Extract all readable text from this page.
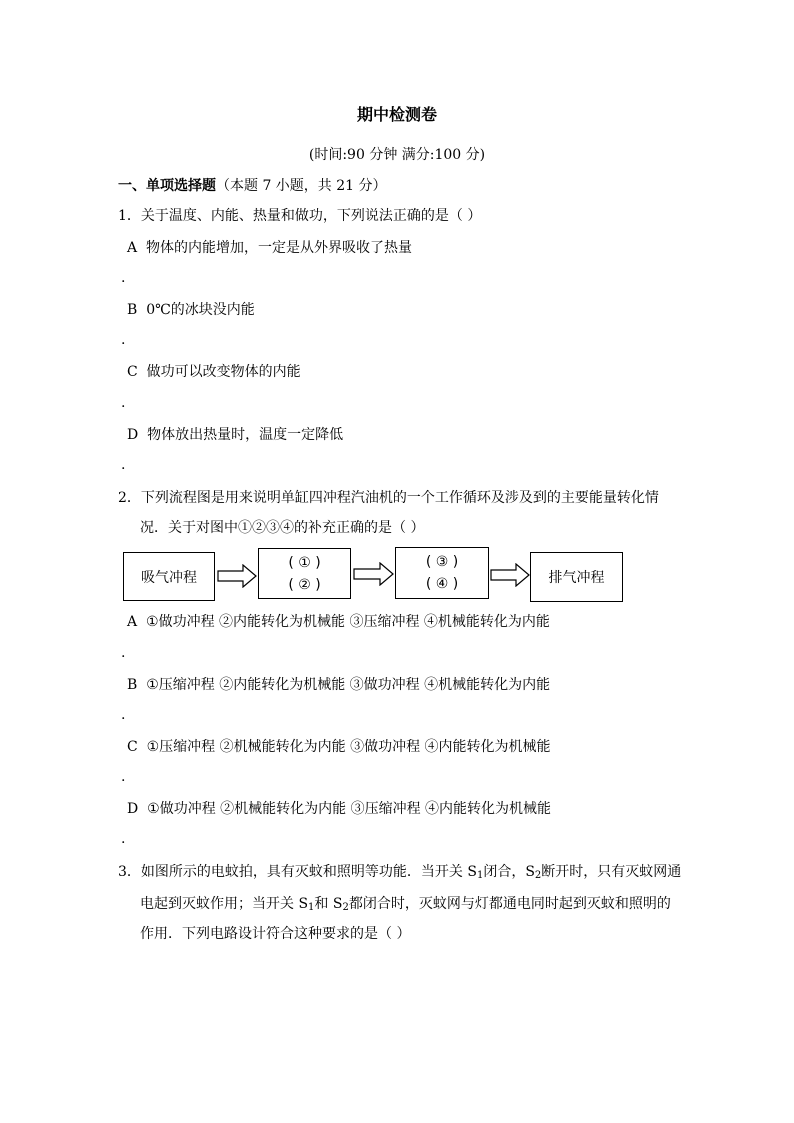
期中检测卷
(时间:90 分钟 满分:100 分)
一、单项选择题（本题 7 小题，共 21 分）
1．关于温度、内能、热量和做功，下列说法正确的是（ ）
A 物体的内能增加，一定是从外界吸收了热量
.
B 0℃的冰块没内能
.
C 做功可以改变物体的内能
.
D 物体放出热量时，温度一定降低
.
2．下列流程图是用来说明单缸四冲程汽油机的一个工作循环及涉及到的主要能量转化情
况．关于对图中①②③④的补充正确的是（ ）
吸气冲程
( ① )
( ② )
( ③ )
( ④ )	排气冲程
A ①做功冲程 ②内能转化为机械能 ③压缩冲程 ④机械能转化为内能
.
B ①压缩冲程 ②内能转化为机械能 ③做功冲程 ④机械能转化为内能
.
C ①压缩冲程 ②机械能转化为内能 ③做功冲程 ④内能转化为机械能
.
D ①做功冲程 ②机械能转化为内能 ③压缩冲程 ④内能转化为机械能
.
3．如图所示的电蚊拍，具有灭蚊和照明等功能．当开关 $S_1$闭合，$S_2$断开时，只有灭蚊网通
电起到灭蚊作用；当开关 $S_1$和 $S_2$都闭合时，灭蚊网与灯都通电同时起到灭蚊和照明的
作用．下列电路设计符合这种要求的是（ ）
